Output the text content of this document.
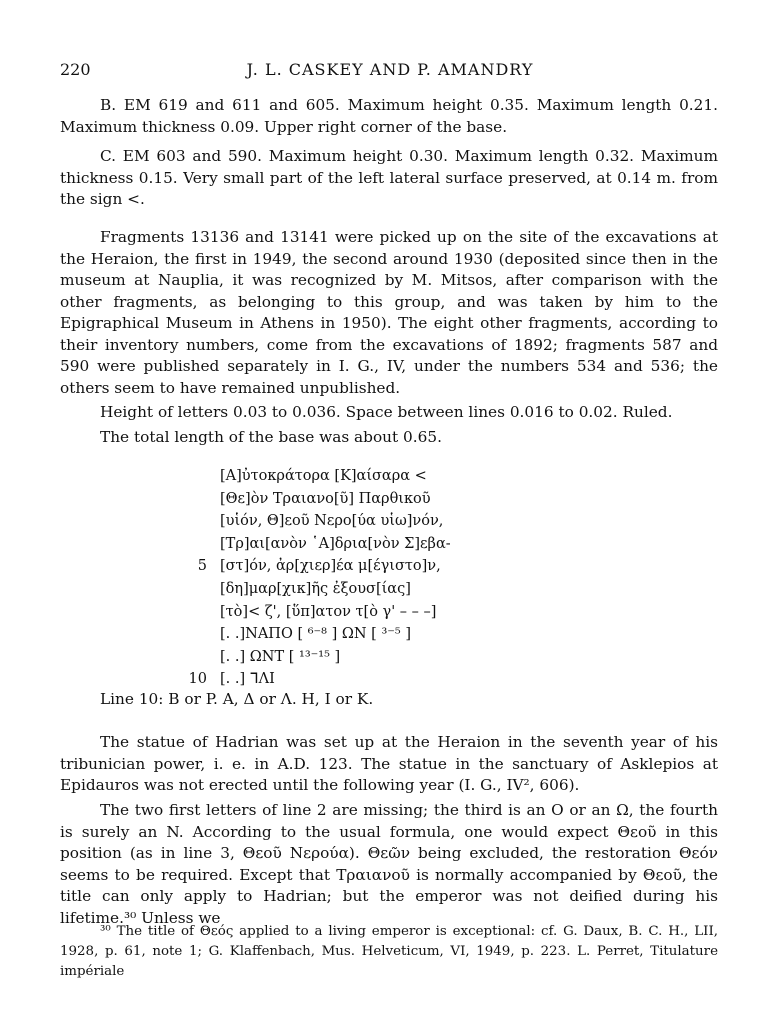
220	J. L. CASKEY AND P. AMANDRY

B. EM 619 and 611 and 605. Maximum height 0.35. Maximum length 0.21. Maximum thickness 0.09. Upper right corner of the base.

C. EM 603 and 590. Maximum height 0.30. Maximum length 0.32. Maximum thickness 0.15. Very small part of the left lateral surface preserved, at 0.14 m. from the sign <.

Fragments 13136 and 13141 were picked up on the site of the excavations at the Heraion, the first in 1949, the second around 1930 (deposited since then in the museum at Nauplia, it was recognized by M. Mitsos, after comparison with the other fragments, as belonging to this group, and was taken by him to the Epigraphical Museum in Athens in 1950). The eight other fragments, according to their inventory numbers, come from the excavations of 1892; fragments 587 and 590 were published separately in I. G., IV, under the numbers 534 and 536; the others seem to have remained unpublished.

Height of letters 0.03 to 0.036. Space between lines 0.016 to 0.02. Ruled.

The total length of the base was about 0.65.

[Α]ὐτοκράτορα [Κ]αίσαρα <
[Θε]ὸν Τραιανο[ῦ] Παρθικοῦ
[υἱόν, Θ]εοῦ Νερο[ύα υἱω]νόν,
[Τρ]αι[ανὸν ῾Α]δρια[νὸν Σ]εβα-
5 [στ]όν, ἀρ[χιερ]έα μ[έγιστο]ν,
[δη]μαρ[χικ]ῆς ἐξουσ[ίας]
[τὸ]< ζ', [ὕπ]ατον τ[ὸ γ' – – –]
[. .]ΝΑΠΟ [ ⁶⁻⁸ ] ΩΝ [ ³⁻⁵ ]
[. .] ΩΝΤ [ ¹³⁻¹⁵ ]
10 [. .] ᒣΛΙ
Line 10: B or P. A, Δ or Λ. H, I or K.

The statue of Hadrian was set up at the Heraion in the seventh year of his tribunician power, i. e. in A.D. 123. The statue in the sanctuary of Asklepios at Epidauros was not erected until the following year (I. G., IV², 606).

The two first letters of line 2 are missing; the third is an O or an Ω, the fourth is surely an N. According to the usual formula, one would expect Θεοῦ in this position (as in line 3, Θεοῦ Νερούα). Θεῶν being excluded, the restoration Θεόν seems to be required. Except that Τραιανοῦ is normally accompanied by Θεοῦ, the title can only apply to Hadrian; but the emperor was not deified during his lifetime.³⁰ Unless we

³⁰ The title of Θεός applied to a living emperor is exceptional: cf. G. Daux, B. C. H., LII, 1928, p. 61, note 1; G. Klaffenbach, Mus. Helveticum, VI, 1949, p. 223. L. Perret, Titulature impériale
